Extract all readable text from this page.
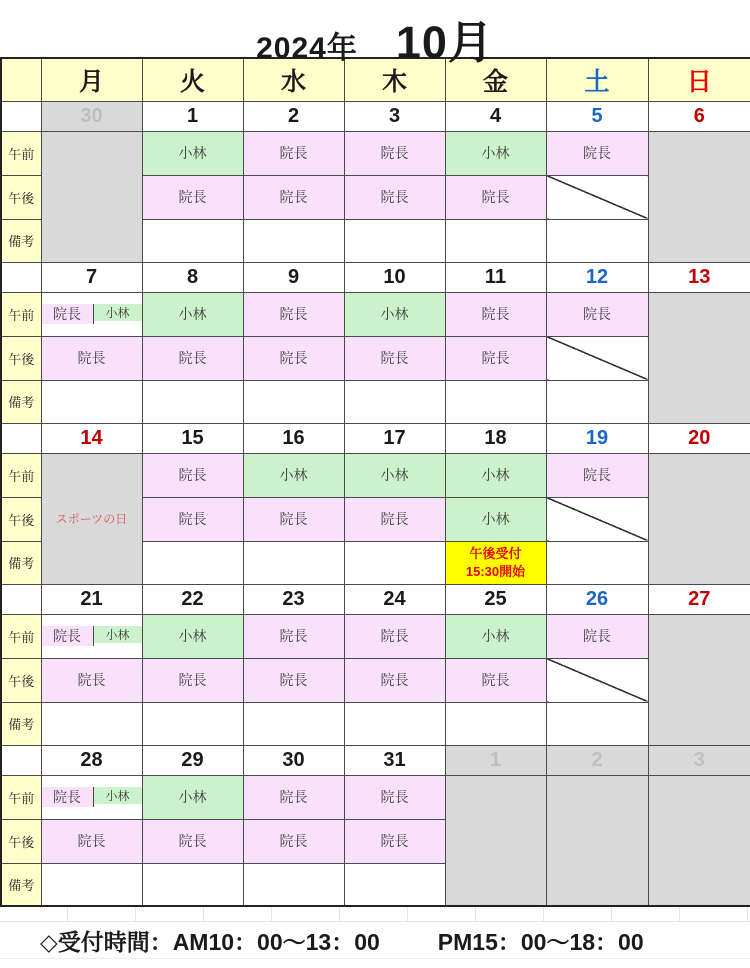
2024年 10月
	月	火	水	木	金	土	日
	30	1	2	3	4	5	6
午前		小林	院長	院長	小林	院長	
午後		院長	院長	院長	院長		
備考							
	7	8	9	10	11	12	13
午前	院長 小林	小林	院長	小林	院長	院長	
午後	院長	院長	院長	院長	院長		
備考							
	14	15	16	17	18	19	20
午前	スポーツの日	院長	小林	小林	小林	院長	
午後		院長	院長	院長	小林		
備考					午後受付
15:30開始		

	21	22	23	24	25	26	27
午前	院長 小林	小林	院長	院長	小林	院長	
午後	院長	院長	院長	院長	院長		
備考							
	28	29	30	31	1	2	3
午前	院長 小林	小林	院長	院長			
午後	院長	院長	院長	院長			
備考							
◇受付時間：AM10：00～13：00	PM15：00～18：00
